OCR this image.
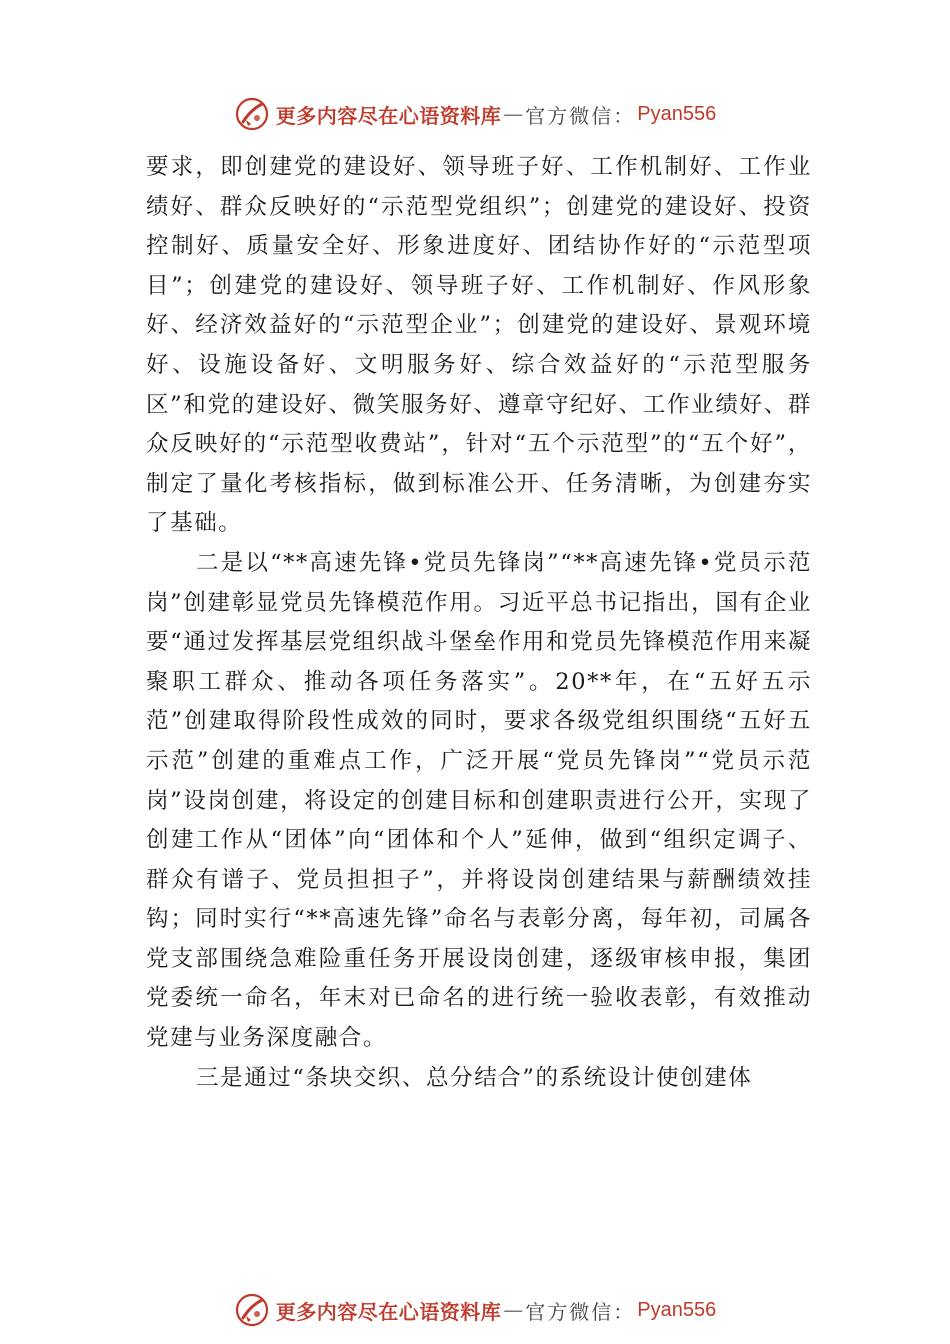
更多内容尽在心语资料库 — 官方微信： Pyan556

要求，即创建党的建设好、领导班子好、工作机制好、工作业绩好、群众反映好的“示范型党组织”；创建党的建设好、投资控制好、质量安全好、形象进度好、团结协作好的“示范型项目”；创建党的建设好、领导班子好、工作机制好、作风形象好、经济效益好的“示范型企业”；创建党的建设好、景观环境好、设施设备好、文明服务好、综合效益好的“示范型服务区”和党的建设好、微笑服务好、遵章守纪好、工作业绩好、群众反映好的“示范型收费站”，针对“五个示范型”的“五个好”，制定了量化考核指标，做到标准公开、任务清晰，为创建夯实了基础。

二是以“**高速先锋•党员先锋岗”“**高速先锋•党员示范岗”创建彰显党员先锋模范作用。习近平总书记指出，国有企业要“通过发挥基层党组织战斗堡垒作用和党员先锋模范作用来凝聚职工群众、推动各项任务落实”。20**年，在“五好五示范”创建取得阶段性成效的同时，要求各级党组织围绕“五好五示范”创建的重难点工作，广泛开展“党员先锋岗”“党员示范岗”设岗创建，将设定的创建目标和创建职责进行公开，实现了创建工作从“团体”向“团体和个人”延伸，做到“组织定调子、群众有谱子、党员担担子”，并将设岗创建结果与薪酬绩效挂钩；同时实行“**高速先锋”命名与表彰分离，每年初，司属各党支部围绕急难险重任务开展设岗创建，逐级审核申报，集团党委统一命名，年末对已命名的进行统一验收表彰，有效推动党建与业务深度融合。

三是通过“条块交织、总分结合”的系统设计使创建体

更多内容尽在心语资料库 — 官方微信： Pyan556
